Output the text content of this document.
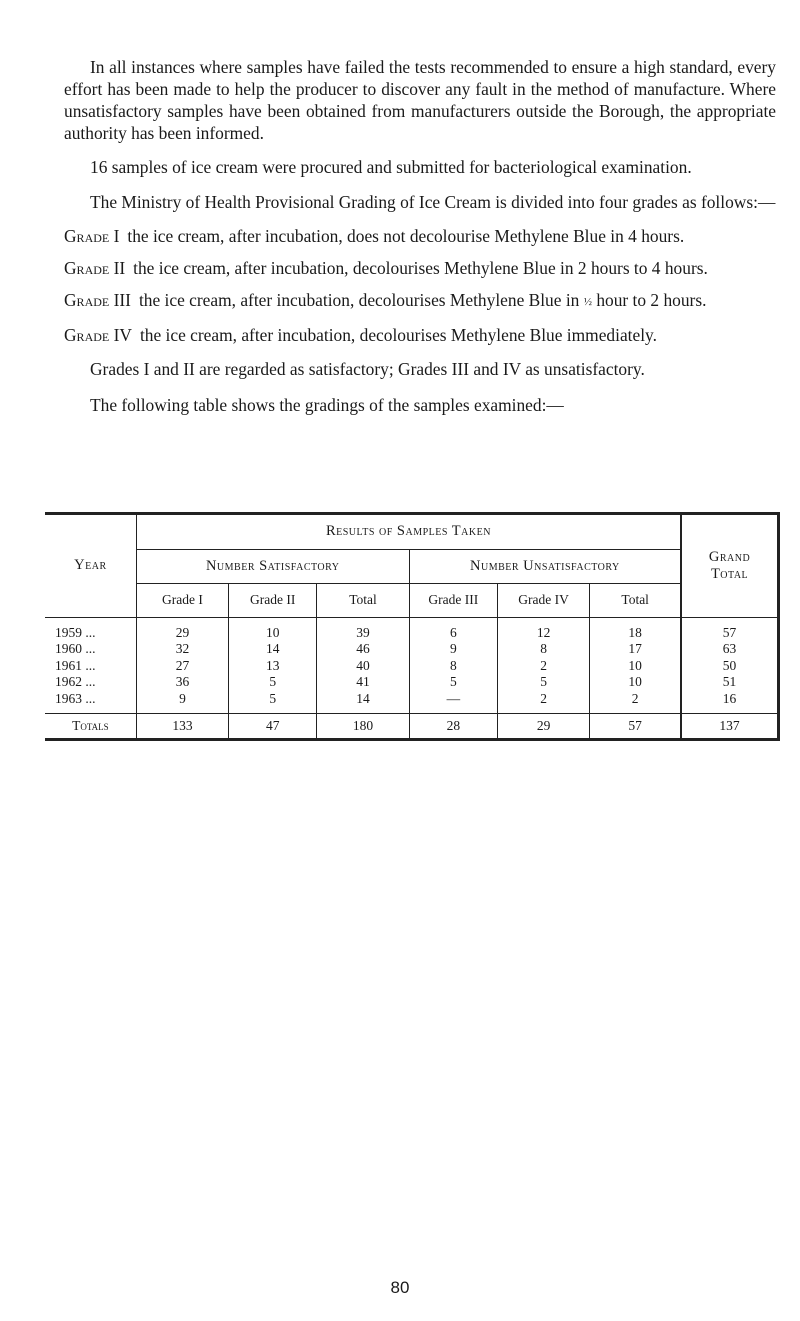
In all instances where samples have failed the tests recommended to ensure a high standard, every effort has been made to help the producer to discover any fault in the method of manufacture. Where unsatisfactory samples have been obtained from manufacturers outside the Borough, the appropriate authority has been informed.

16 samples of ice cream were procured and submitted for bacteriological examination.

The Ministry of Health Provisional Grading of Ice Cream is divided into four grades as follows:—

Grade I the ice cream, after incubation, does not decolourise Methylene Blue in 4 hours.
Grade II the ice cream, after incubation, decolourises Methylene Blue in 2 hours to 4 hours.
Grade III the ice cream, after incubation, decolourises Methylene Blue in ½ hour to 2 hours.
Grade IV the ice cream, after incubation, decolourises Methylene Blue immediately.

Grades I and II are regarded as satisfactory; Grades III and IV as unsatisfactory.

The following table shows the gradings of the samples examined:—

Year	Results of Samples Taken						Grand
Total
	Number Satisfactory			Number Unsatisfactory			
	Grade I	Grade II	Total	Grade III	Grade IV	Total	
1959 ...	29	10	39	6	12	18	57
1960 ...	32	14	46	9	8	17	63
1961 ...	27	13	40	8	2	10	50
1962 ...	36	5	41	5	5	10	51
1963 ...	9	5	14	—	2	2	16
Totals	133	47	180	28	29	57	137
80
